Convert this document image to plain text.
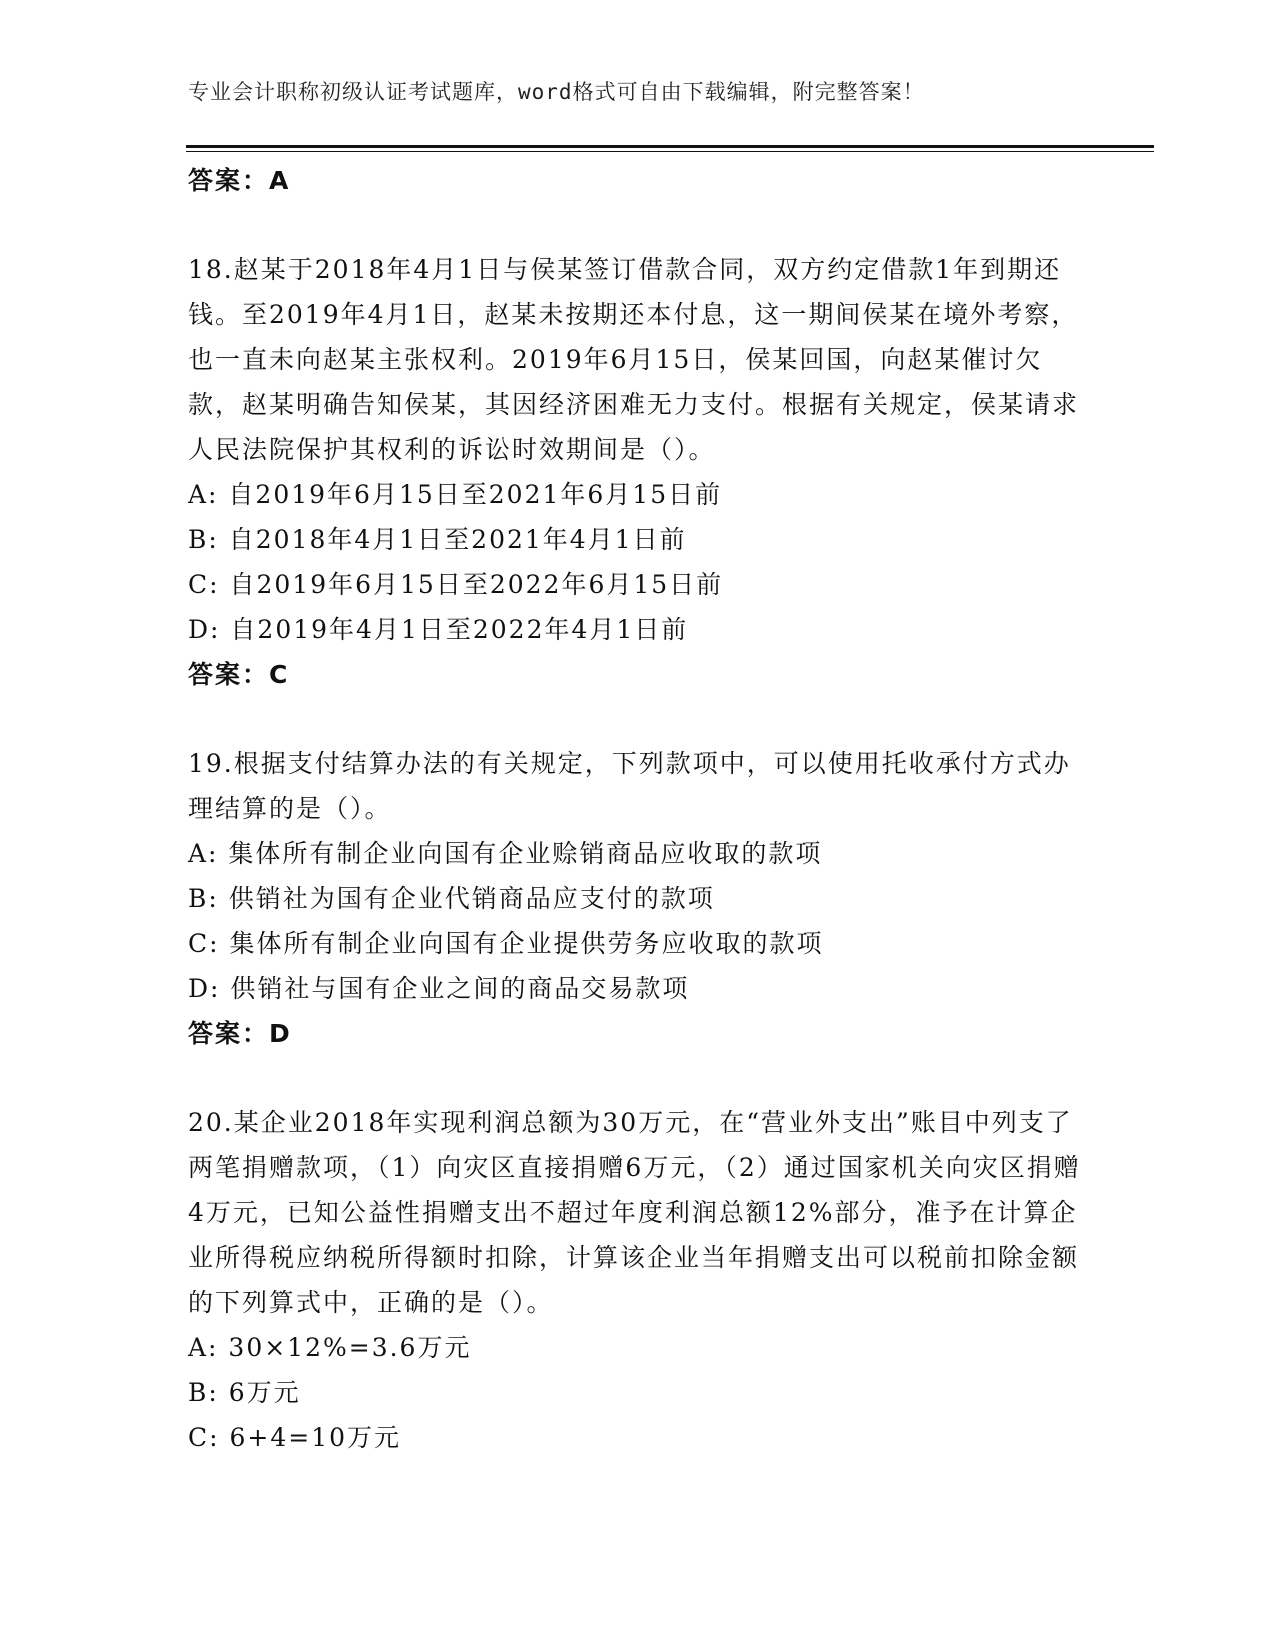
专业会计职称初级认证考试题库，word格式可自由下载编辑，附完整答案！
答案：A

18.赵某于2018年4月1日与侯某签订借款合同，双方约定借款1年到期还钱。至2019年4月1日，赵某未按期还本付息，这一期间侯某在境外考察，也一直未向赵某主张权利。2019年6月15日，侯某回国，向赵某催讨欠款，赵某明确告知侯某，其因经济困难无力支付。根据有关规定，侯某请求人民法院保护其权利的诉讼时效期间是（）。

A: 自2019年6月15日至2021年6月15日前

B: 自2018年4月1日至2021年4月1日前

C: 自2019年6月15日至2022年6月15日前

D: 自2019年4月1日至2022年4月1日前

答案：C

19.根据支付结算办法的有关规定，下列款项中，可以使用托收承付方式办理结算的是（）。

A: 集体所有制企业向国有企业赊销商品应收取的款项

B: 供销社为国有企业代销商品应支付的款项

C: 集体所有制企业向国有企业提供劳务应收取的款项

D: 供销社与国有企业之间的商品交易款项

答案：D

20.某企业2018年实现利润总额为30万元，在“营业外支出”账目中列支了两笔捐赠款项，（1）向灾区直接捐赠6万元，（2）通过国家机关向灾区捐赠4万元，已知公益性捐赠支出不超过年度利润总额12%部分，准予在计算企业所得税应纳税所得额时扣除，计算该企业当年捐赠支出可以税前扣除金额的下列算式中，正确的是（）。

A: 30×12%=3.6万元

B: 6万元

C: 6+4=10万元
